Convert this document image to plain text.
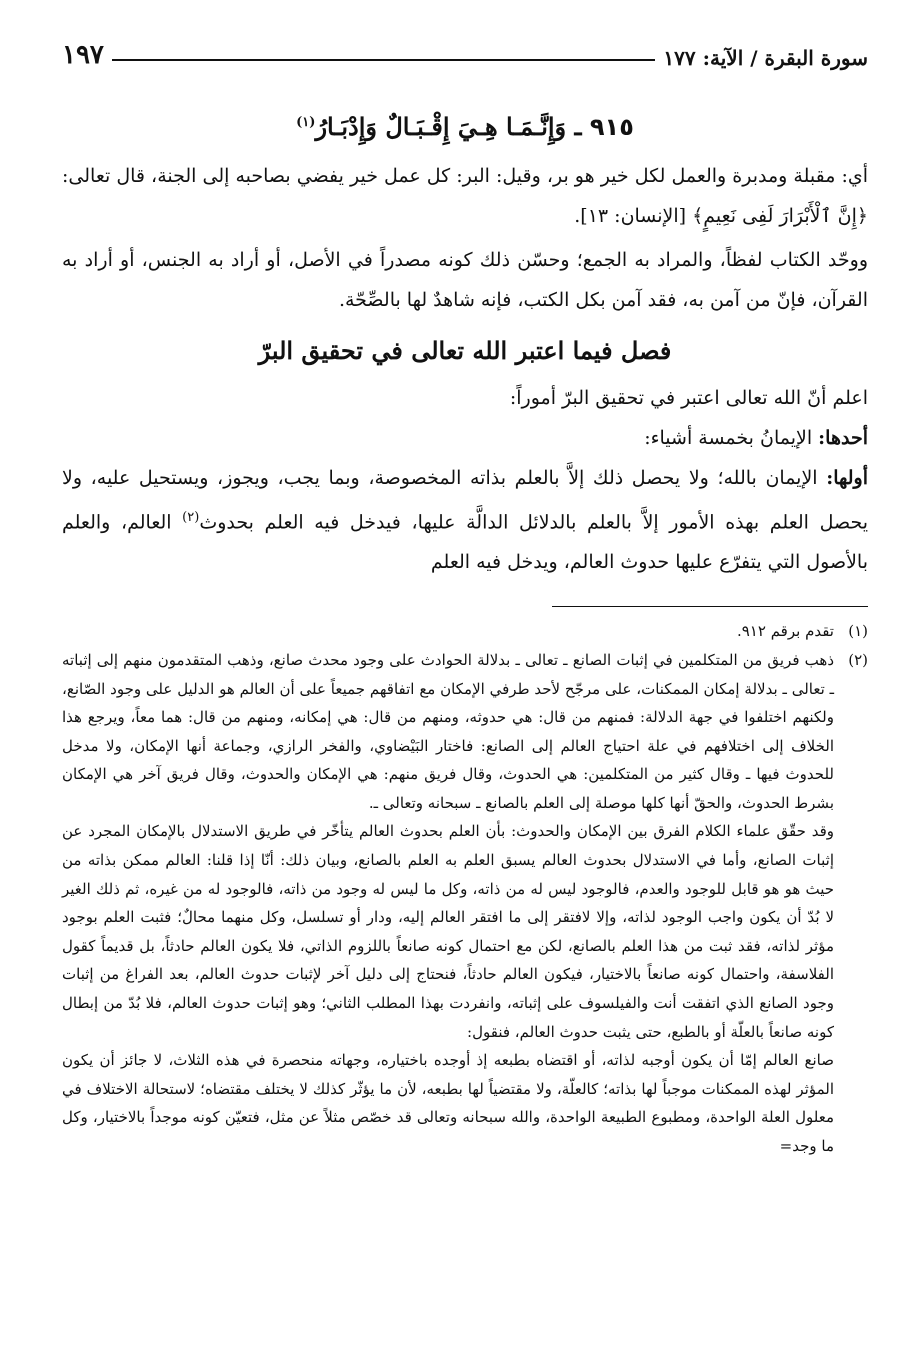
سورة البقرة / الآية: ١٧٧
١٩٧
٩١٥ ـ وَإِنَّـمَـا هِـيَ إِقْـبَـالٌ وَإِدْبَـارُ$^{(١)}$

أي: مقبلة ومدبرة والعمل لكل خير هو بر، وقيل: البر: كل عمل خير يفضي بصاحبه إلى الجنة، قال تعالى: ﴿إِنَّ ٱلْأَبْرَارَ لَفِى نَعِيمٍ﴾ [الإنسان: ١٣].

ووحّد الكتاب لفظاً، والمراد به الجمع؛ وحسّن ذلك كونه مصدراً في الأصل، أو أراد به الجنس، أو أراد به القرآن، فإنّ من آمن به، فقد آمن بكل الكتب، فإنه شاهدٌ لها بالصِّحّة.

فصل فيما اعتبر الله تعالى في تحقيق البرّ

اعلم أنّ الله تعالى اعتبر في تحقيق البرّ أموراً:

أحدها: الإيمانُ بخمسة أشياء:

أولها: الإيمان بالله؛ ولا يحصل ذلك إلاَّ بالعلم بذاته المخصوصة، وبما يجب، ويجوز، ويستحيل عليه، ولا يحصل العلم بهذه الأمور إلاَّ بالعلم بالدلائل الدالَّة عليها، فيدخل فيه العلم بحدوث$^{(٢)}$ العالم، والعلم بالأصول التي يتفرّع عليها حدوث العالم، ويدخل فيه العلم

(١)

تقدم برقم ٩١٢.

(٢)

ذهب فريق من المتكلمين في إثبات الصانع ـ تعالى ـ بدلالة الحوادث على وجود محدث صانع، وذهب المتقدمون منهم إلى إثباته ـ تعالى ـ بدلالة إمكان الممكنات، على مرجّح لأحد طرفي الإمكان مع اتفاقهم جميعاً على أن العالم هو الدليل على وجود الصّانع، ولكنهم اختلفوا في جهة الدلالة: فمنهم من قال: هي حدوثه، ومنهم من قال: هي إمكانه، ومنهم من قال: هما معاً، ويرجع هذا الخلاف إلى اختلافهم في علة احتياج العالم إلى الصانع: فاختار البَيْضاوي، والفخر الرازي، وجماعة أنها الإمكان، ولا مدخل للحدوث فيها ـ وقال كثير من المتكلمين: هي الحدوث، وقال فريق منهم: هي الإمكان والحدوث، وقال فريق آخر هي الإمكان بشرط الحدوث، والحقّ أنها كلها موصلة إلى العلم بالصانع ـ سبحانه وتعالى ـ.

وقد حقّق علماء الكلام الفرق بين الإمكان والحدوث: بأن العلم بحدوث العالم يتأخّر في طريق الاستدلال بالإمكان المجرد عن إثبات الصانع، وأما في الاستدلال بحدوث العالم يسبق العلم به العلم بالصانع، وبيان ذلك: أنّا إذا قلنا: العالم ممكن بذاته من حيث هو هو قابل للوجود والعدم، فالوجود ليس له من ذاته، وكل ما ليس له وجود من ذاته، فالوجود له من غيره، ثم ذلك الغير لا بُدّ أن يكون واجب الوجود لذاته، وإلا لافتقر إلى ما افتقر العالم إليه، ودار أو تسلسل، وكل منهما محالٌ؛ فثبت العلم بوجود مؤثر لذاته، فقد ثبت من هذا العلم بالصانع، لكن مع احتمال كونه صانعاً باللزوم الذاتي، فلا يكون العالم حادثاً، بل قديماً كقول الفلاسفة، واحتمال كونه صانعاً بالاختيار، فيكون العالم حادثاً، فنحتاج إلى دليل آخر لإثبات حدوث العالم، بعد الفراغ من إثبات وجود الصانع الذي اتفقت أنت والفيلسوف على إثباته، وانفردت بهذا المطلب الثاني؛ وهو إثبات حدوث العالم، فلا بُدّ من إبطال كونه صانعاً بالعلّة أو بالطبع، حتى يثبت حدوث العالم، فنقول:

صانع العالم إمّا أن يكون أوجبه لذاته، أو اقتضاه بطبعه إذ أوجده باختياره، وجهاته منحصرة في هذه الثلاث، لا جائز أن يكون المؤثر لهذه الممكنات موجباً لها بذاته؛ كالعلّة، ولا مقتضياً لها بطبعه، لأن ما يؤثّر كذلك لا يختلف مقتضاه؛ لاستحالة الاختلاف في معلول العلة الواحدة، ومطبوع الطبيعة الواحدة، والله سبحانه وتعالى قد خصّص مثلاً عن مثل، فتعيّن كونه موجداً بالاختيار، وكل ما وجد=
